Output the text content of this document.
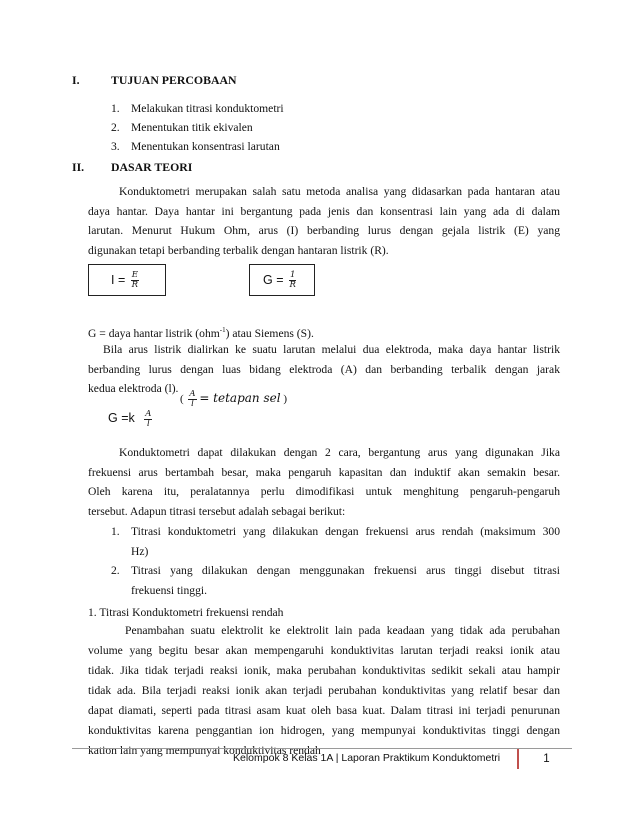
I.	TUJUAN PERCOBAAN
1. Melakukan titrasi konduktometri
2. Menentukan titik ekivalen
3. Menentukan konsentrasi larutan
II. DASAR TEORI
Konduktometri merupakan salah satu metoda analisa yang didasarkan pada hantaran atau
daya hantar. Daya hantar ini bergantung pada jenis dan konsentrasi lain yang ada di dalam
larutan. Menurut Hukum Ohm, arus (I) berbanding lurus dengan gejala listrik (E) yang
digunakan tetapi berbanding terbalik dengan hantaran listrik (R).
$I = \frac{E}{R}$	$G = \frac{1}{R}$
G = daya hantar listrik (ohm$^{-1}$) atau Siemens (S).
Bila arus listrik dialirkan ke suatu larutan melalui dua elektroda, maka daya hantar listrik
berbanding lurus dengan luas bidang elektroda (A) dan berbanding terbalik dengan jarak
kedua elektroda (l).
( $\frac{A}{l}$ = tetapan sel )
$G =k \frac{A}{l}$
Konduktometri dapat dilakukan dengan 2 cara, bergantung arus yang digunakan Jika
frekuensi arus bertambah besar, maka pengaruh kapasitan dan induktif akan semakin besar.
Oleh karena itu, peralatannya perlu dimodifikasi untuk menghitung pengaruh-pengaruh
tersebut. Adapun titrasi tersebut adalah sebagai berikut:
1. Titrasi konduktometri yang dilakukan dengan frekuensi arus rendah (maksimum 300
Hz)
2. Titrasi yang dilakukan dengan menggunakan frekuensi arus tinggi disebut titrasi
frekuensi tinggi.
1. Titrasi Konduktometri frekuensi rendah
Penambahan suatu elektrolit ke elektrolit lain pada keadaan yang tidak ada perubahan
volume yang begitu besar akan mempengaruhi konduktivitas larutan terjadi reaksi ionik atau
tidak. Jika tidak terjadi reaksi ionik, maka perubahan konduktivitas sedikit sekali atau hampir
tidak ada. Bila terjadi reaksi ionik akan terjadi perubahan konduktivitas yang relatif besar dan
dapat diamati, seperti pada titrasi asam kuat oleh basa kuat. Dalam titrasi ini terjadi penurunan
konduktivitas karena penggantian ion hidrogen, yang mempunyai konduktivitas tinggi dengan
kation lain yang mempunyai konduktivitas rendah
Kelompok 8 Kelas 1A | Laporan Praktikum Konduktometri	1
